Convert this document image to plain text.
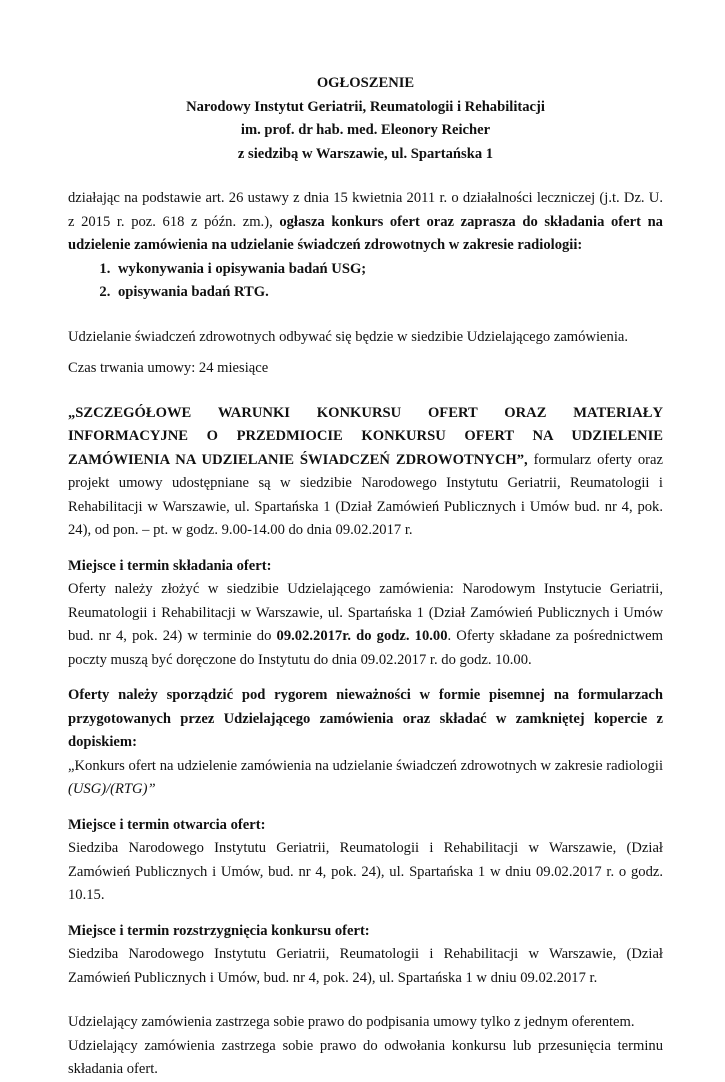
OGŁOSZENIE
Narodowy Instytut Geriatrii, Reumatologii i Rehabilitacji
im. prof. dr hab. med. Eleonory Reicher
z siedzibą w Warszawie, ul. Spartańska 1

działając na podstawie art. 26 ustawy z dnia 15 kwietnia 2011 r. o działalności leczniczej (j.t. Dz. U. z 2015 r. poz. 618 z późn. zm.), ogłasza konkurs ofert oraz zaprasza do składania ofert na udzielenie zamówienia na udzielanie świadczeń zdrowotnych w zakresie radiologii:

1. wykonywania i opisywania badań USG;
2. opisywania badań RTG.

Udzielanie świadczeń zdrowotnych odbywać się będzie w siedzibie Udzielającego zamówienia.

Czas trwania umowy: 24 miesiące

„SZCZEGÓŁOWE WARUNKI KONKURSU OFERT ORAZ MATERIAŁY INFORMACYJNE O PRZEDMIOCIE KONKURSU OFERT NA UDZIELENIE ZAMÓWIENIA NA UDZIELANIE ŚWIADCZEŃ ZDROWOTNYCH”, formularz oferty oraz projekt umowy udostępniane są w siedzibie Narodowego Instytutu Geriatrii, Reumatologii i Rehabilitacji w Warszawie, ul. Spartańska 1 (Dział Zamówień Publicznych i Umów bud. nr 4, pok. 24), od pon. – pt. w godz. 9.00-14.00 do dnia 09.02.2017 r.

Miejsce i termin składania ofert:

Oferty należy złożyć w siedzibie Udzielającego zamówienia: Narodowym Instytucie Geriatrii, Reumatologii i Rehabilitacji w Warszawie, ul. Spartańska 1 (Dział Zamówień Publicznych i Umów bud. nr 4, pok. 24) w terminie do 09.02.2017r. do godz. 10.00. Oferty składane za pośrednictwem poczty muszą być doręczone do Instytutu do dnia 09.02.2017 r. do godz. 10.00.

Oferty należy sporządzić pod rygorem nieważności w formie pisemnej na formularzach przygotowanych przez Udzielającego zamówienia oraz składać w zamkniętej kopercie z dopiskiem:

„Konkurs ofert na udzielenie zamówienia na udzielanie świadczeń zdrowotnych w zakresie radiologii (USG)/(RTG)”

Miejsce i termin otwarcia ofert:

Siedziba Narodowego Instytutu Geriatrii, Reumatologii i Rehabilitacji w Warszawie, (Dział Zamówień Publicznych i Umów, bud. nr 4, pok. 24), ul. Spartańska 1 w dniu 09.02.2017 r. o godz. 10.15.

Miejsce i termin rozstrzygnięcia konkursu ofert:

Siedziba Narodowego Instytutu Geriatrii, Reumatologii i Rehabilitacji w Warszawie, (Dział Zamówień Publicznych i Umów, bud. nr 4, pok. 24), ul. Spartańska 1 w dniu 09.02.2017 r.

Udzielający zamówienia zastrzega sobie prawo do podpisania umowy tylko z jednym oferentem.

Udzielający zamówienia zastrzega sobie prawo do odwołania konkursu lub przesunięcia terminu składania ofert.
